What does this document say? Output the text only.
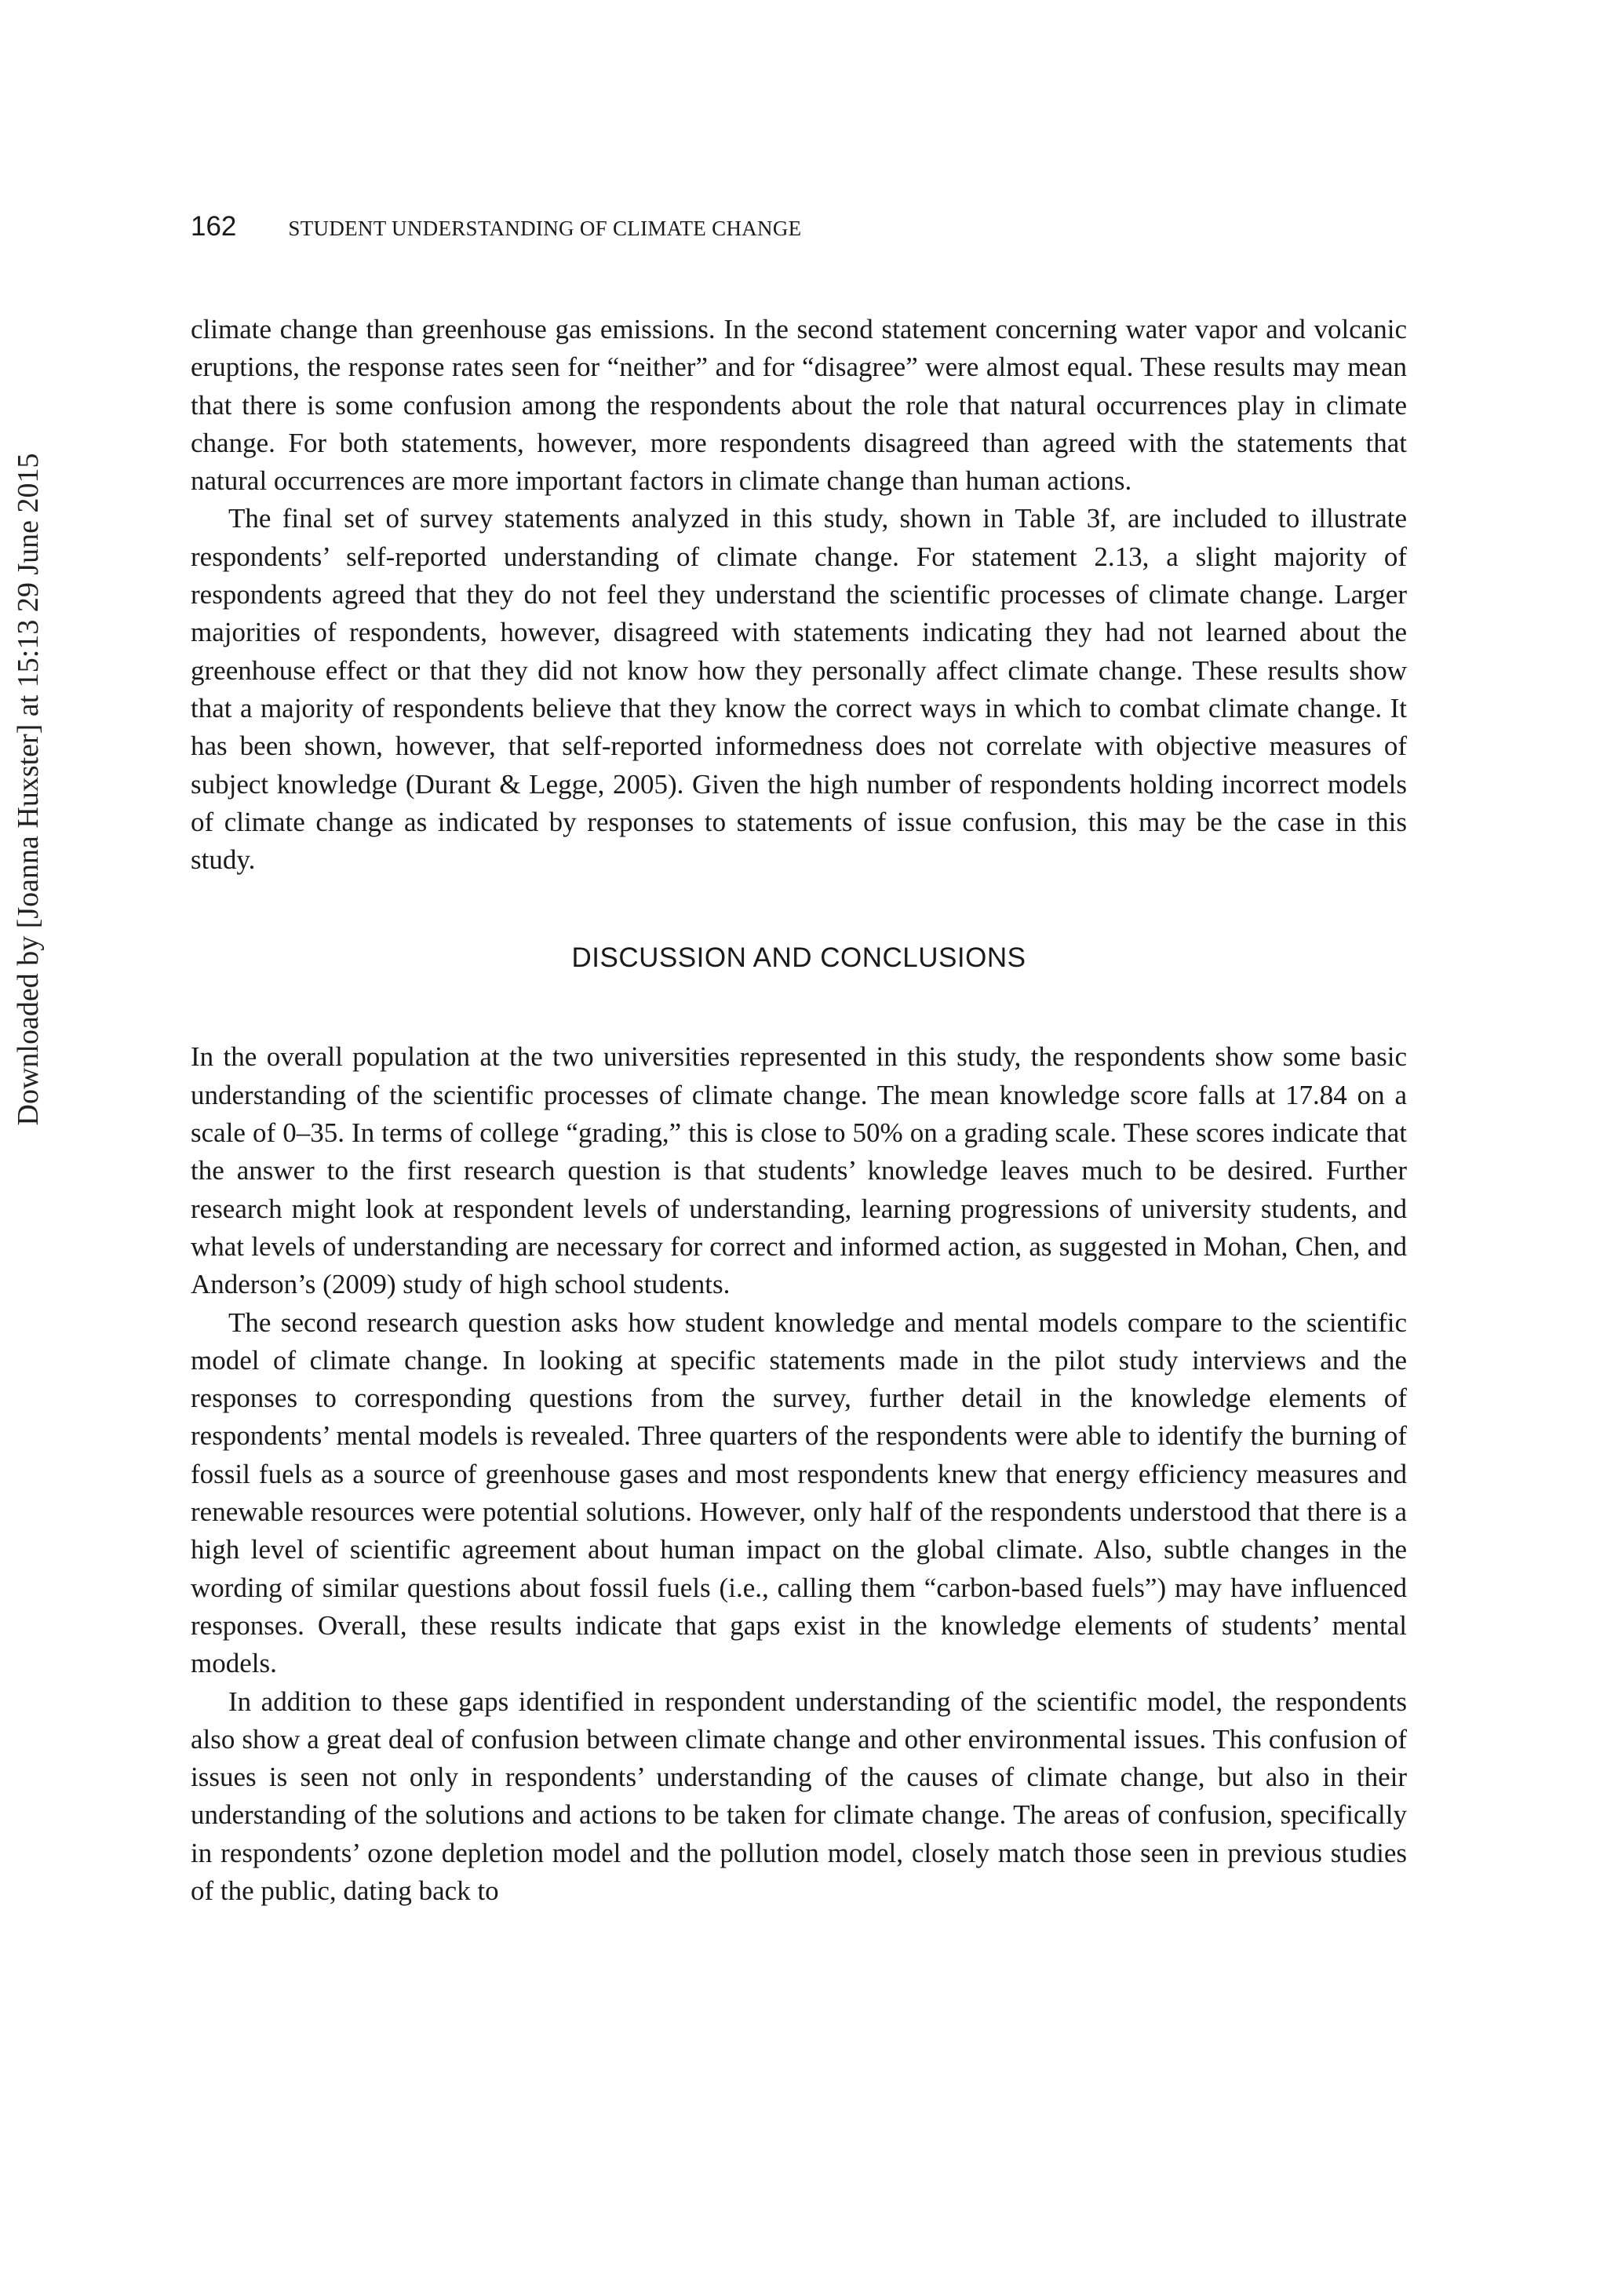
Downloaded by [Joanna Huxster] at 15:13 29 June 2015
162 STUDENT UNDERSTANDING OF CLIMATE CHANGE

climate change than greenhouse gas emissions. In the second statement concerning water vapor and volcanic eruptions, the response rates seen for “neither” and for “disagree” were almost equal. These results may mean that there is some confusion among the respondents about the role that natural occurrences play in climate change. For both statements, however, more respondents disagreed than agreed with the statements that natural occurrences are more important factors in climate change than human actions.

The final set of survey statements analyzed in this study, shown in Table 3f, are included to illustrate respondents’ self-reported understanding of climate change. For statement 2.13, a slight majority of respondents agreed that they do not feel they understand the scientific processes of climate change. Larger majorities of respondents, however, disagreed with statements indicating they had not learned about the greenhouse effect or that they did not know how they personally affect climate change. These results show that a majority of respondents believe that they know the correct ways in which to combat climate change. It has been shown, however, that self-reported informedness does not correlate with objective measures of subject knowledge (Durant & Legge, 2005). Given the high number of respondents holding incorrect models of climate change as indicated by responses to statements of issue confusion, this may be the case in this study.

DISCUSSION AND CONCLUSIONS

In the overall population at the two universities represented in this study, the respondents show some basic understanding of the scientific processes of climate change. The mean knowledge score falls at 17.84 on a scale of 0–35. In terms of college “grading,” this is close to 50% on a grading scale. These scores indicate that the answer to the first research question is that students’ knowledge leaves much to be desired. Further research might look at respondent levels of understanding, learning progressions of university students, and what levels of understanding are necessary for correct and informed action, as suggested in Mohan, Chen, and Anderson’s (2009) study of high school students.

The second research question asks how student knowledge and mental models compare to the scientific model of climate change. In looking at specific statements made in the pilot study interviews and the responses to corresponding questions from the survey, further detail in the knowledge elements of respondents’ mental models is revealed. Three quarters of the respondents were able to identify the burning of fossil fuels as a source of greenhouse gases and most respondents knew that energy efficiency measures and renewable resources were potential solutions. However, only half of the respondents understood that there is a high level of scientific agreement about human impact on the global climate. Also, subtle changes in the wording of similar questions about fossil fuels (i.e., calling them “carbon-based fuels”) may have influenced responses. Overall, these results indicate that gaps exist in the knowledge elements of students’ mental models.

In addition to these gaps identified in respondent understanding of the scientific model, the respondents also show a great deal of confusion between climate change and other environmental issues. This confusion of issues is seen not only in respondents’ understanding of the causes of climate change, but also in their understanding of the solutions and actions to be taken for climate change. The areas of confusion, specifically in respondents’ ozone depletion model and the pollution model, closely match those seen in previous studies of the public, dating back to
